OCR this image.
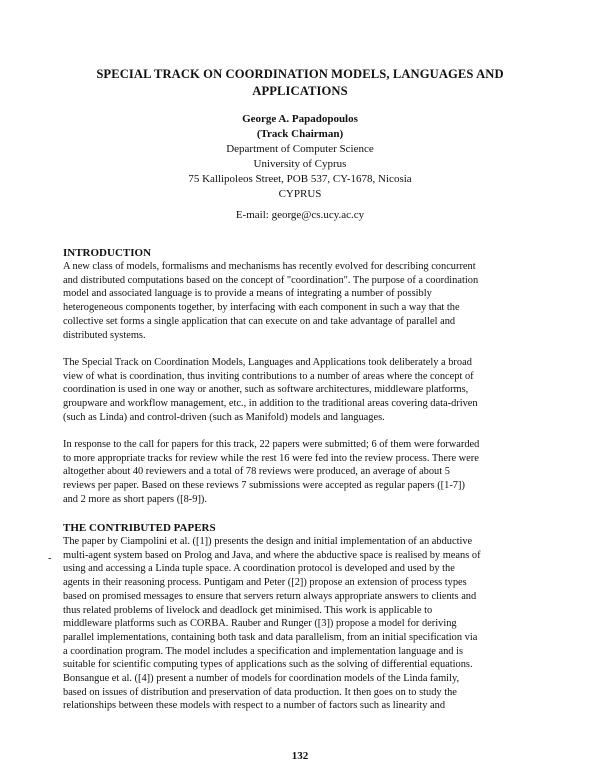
SPECIAL TRACK ON COORDINATION MODELS, LANGUAGES AND
APPLICATIONS
George A. Papadopoulos
(Track Chairman)
Department of Computer Science
University of Cyprus
75 Kallipoleos Street, POB 537, CY-1678, Nicosia
CYPRUS
E-mail: george@cs.ucy.ac.cy
INTRODUCTION
A new class of models, formalisms and mechanisms has recently evolved for describing concurrent
and distributed computations based on the concept of "coordination". The purpose of a coordination
model and associated language is to provide a means of integrating a number of possibly
heterogeneous components together, by interfacing with each component in such a way that the
collective set forms a single application that can execute on and take advantage of parallel and
distributed systems.
The Special Track on Coordination Models, Languages and Applications took deliberately a broad
view of what is coordination, thus inviting contributions to a number of areas where the concept of
coordination is used in one way or another, such as software architectures, middleware platforms,
groupware and workflow management, etc., in addition to the traditional areas covering data-driven
(such as Linda) and control-driven (such as Manifold) models and languages.
In response to the call for papers for this track, 22 papers were submitted; 6 of them were forwarded
to more appropriate tracks for review while the rest 16 were fed into the review process. There were
altogether about 40 reviewers and a total of 78 reviews were produced, an average of about 5
reviews per paper. Based on these reviews 7 submissions were accepted as regular papers ([1-7])
and 2 more as short papers ([8-9]).
THE CONTRIBUTED PAPERS
-
The paper by Ciampolini et al. ([1]) presents the design and initial implementation of an abductive
multi-agent system based on Prolog and Java, and where the abductive space is realised by means of
using and accessing a Linda tuple space. A coordination protocol is developed and used by the
agents in their reasoning process. Puntigam and Peter ([2]) propose an extension of process types
based on promised messages to ensure that servers return always appropriate answers to clients and
thus related problems of livelock and deadlock get minimised. This work is applicable to
middleware platforms such as CORBA. Rauber and Runger ([3]) propose a model for deriving
parallel implementations, containing both task and data parallelism, from an initial specification via
a coordination program. The model includes a specification and implementation language and is
suitable for scientific computing types of applications such as the solving of differential equations.
Bonsangue et al. ([4]) present a number of models for coordination models of the Linda family,
based on issues of distribution and preservation of data production. It then goes on to study the
relationships between these models with respect to a number of factors such as linearity and
132
